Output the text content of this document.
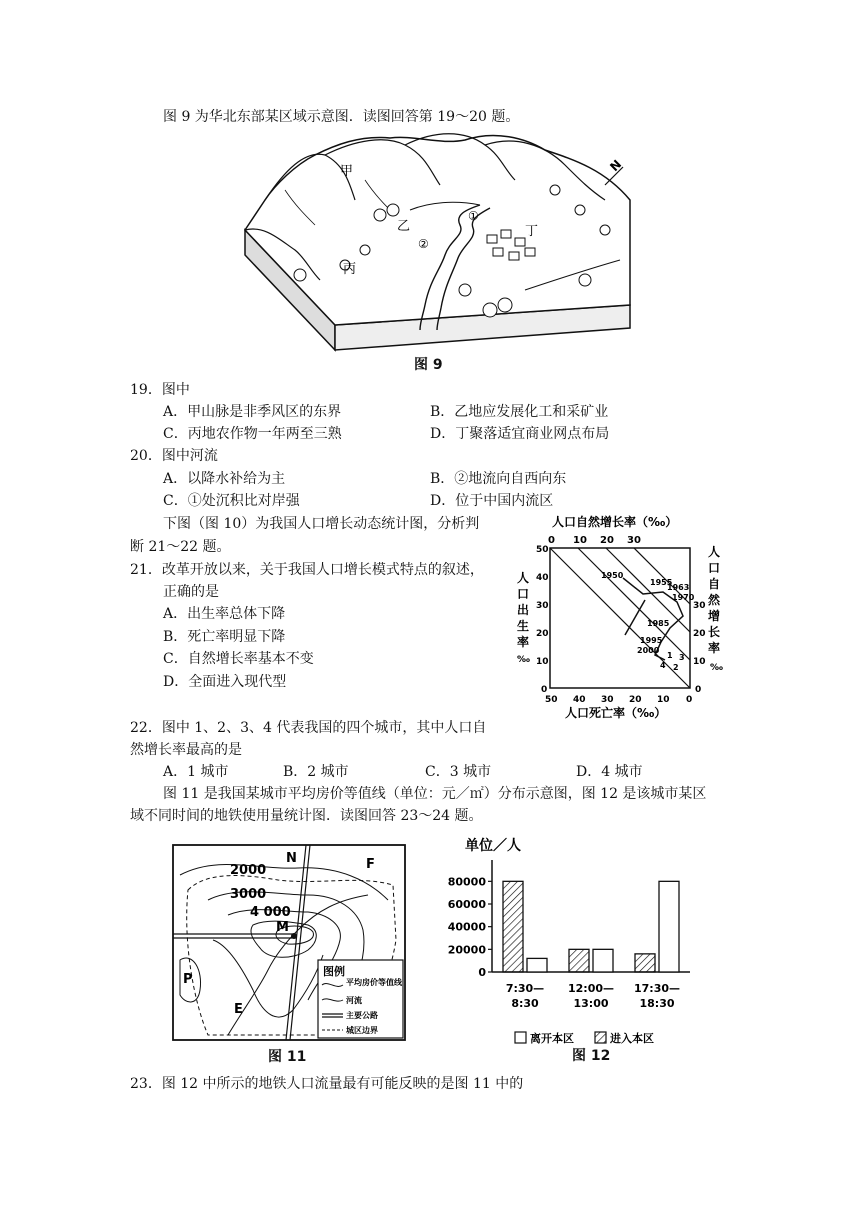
图 9 为华北东部某区域示意图．读图回答第 19～20 题。
甲
乙
丙
丁
①
②
N
图 9
19．图中
A．甲山脉是非季风区的东界	B．乙地应发展化工和采矿业
C．丙地农作物一年两至三熟	D．丁聚落适宜商业网点布局
20．图中河流
A．以降水补给为主	B．②地流向自西向东
C．①处沉积比对岸强	D．位于中国内流区
下图（图 10）为我国人口增长动态统计图，分析判
断 21～22 题。
21．改革开放以来，关于我国人口增长模式特点的叙述，
正确的是
A．出生率总体下降
B．死亡率明显下降
C．自然增长率基本不变
D．全面进入现代型
人口自然增长率（‰）
0 10 20 30
1950
1955
1963
1970
1985
1995
2000
1
2
3
4
50
40
30
20
10
0
人
口
出
生
率
‰
30
20
10
0
人
口
自
然
增
长
率
‰
50 40 30 20 10 0
人口死亡率（‰）
22．图中 1、2、3、4 代表我国的四个城市，其中人口自
然增长率最高的是
A．1 城市	B．2 城市	C．3 城市	D．4 城市
图 11 是我国某城市平均房价等值线（单位：元／㎡）分布示意图，图 12 是该城市某区
域不同时间的地铁使用量统计图．读图回答 23～24 题。
2000
3000
4 000
N	F
M
P
E
图例
平均房价等值线
河流
主要公路
城区边界
图 11
单位／人
80000
60000
40000
20000
0
7:30—
8:30
12:00—
13:00
17:30—
18:30
离开本区	进入本区
图 12
23．图 12 中所示的地铁人口流量最有可能反映的是图 11 中的
